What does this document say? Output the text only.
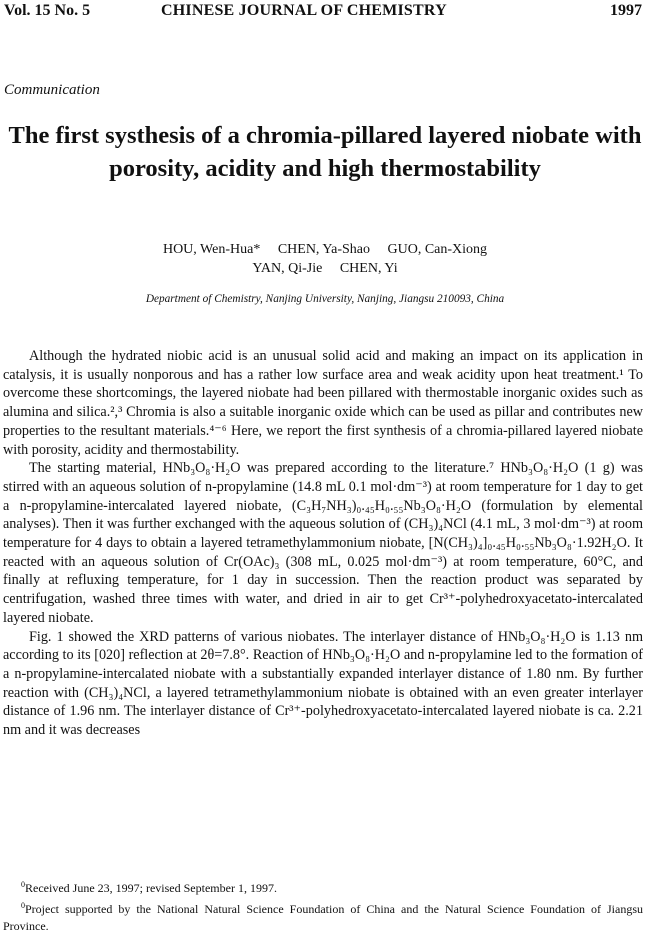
Vol. 15 No. 5	CHINESE JOURNAL OF CHEMISTRY	1997
Communication
The first systhesis of a chromia-pillared layered niobate with porosity, acidity and high thermostability
HOU, Wen-Hua*     CHEN, Ya-Shao     GUO, Can-Xiong
YAN, Qi-Jie     CHEN, Yi
Department of Chemistry, Nanjing University, Nanjing, Jiangsu 210093, China

Although the hydrated niobic acid is an unusual solid acid and making an impact on its application in catalysis, it is usually nonporous and has a rather low surface area and weak acidity upon heat treatment.¹ To overcome these shortcomings, the layered niobate had been pillared with thermostable inorganic oxides such as alumina and silica.²,³ Chromia is also a suitable inorganic oxide which can be used as pillar and contributes new properties to the resultant materials.⁴⁻⁶ Here, we report the first synthesis of a chromia-pillared layered niobate with porosity, acidity and thermostability.

The starting material, HNb₃O₈·H₂O was prepared according to the literature.⁷ HNb₃O₈·H₂O (1 g) was stirred with an aqueous solution of n-propylamine (14.8 mL 0.1 mol·dm⁻³) at room temperature for 1 day to get a n-propylamine-intercalated layered niobate, (C₃H₇NH₃)₀.₄₅H₀.₅₅Nb₃O₈·H₂O (formulation by elemental analyses). Then it was further exchanged with the aqueous solution of (CH₃)₄NCl (4.1 mL, 3 mol·dm⁻³) at room temperature for 4 days to obtain a layered tetramethylammonium niobate, [N(CH₃)₄]₀.₄₅H₀.₅₅Nb₃O₈·1.92H₂O. It reacted with an aqueous solution of Cr(OAc)₃ (308 mL, 0.025 mol·dm⁻³) at room temperature, 60°C, and finally at refluxing temperature, for 1 day in succession. Then the reaction product was separated by centrifugation, washed three times with water, and dried in air to get Cr³⁺-polyhedroxyacetato-intercalated layered niobate.

Fig. 1 showed the XRD patterns of various niobates. The interlayer distance of HNb₃O₈·H₂O is 1.13 nm according to its [020] reflection at 2θ=7.8°. Reaction of HNb₃O₈·H₂O and n-propylamine led to the formation of a n-propylamine-intercalated niobate with a substantially expanded interlayer distance of 1.80 nm. By further reaction with (CH₃)₄NCl, a layered tetramethylammonium niobate is obtained with an even greater interlayer distance of 1.96 nm. The interlayer distance of Cr³⁺-polyhedroxyacetato-intercalated layered niobate is ca. 2.21 nm and it was decreases

$^0$Received June 23, 1997; revised September 1, 1997.
$^0$Project supported by the National Natural Science Foundation of China and the Natural Science Foundation of Jiangsu Province.
